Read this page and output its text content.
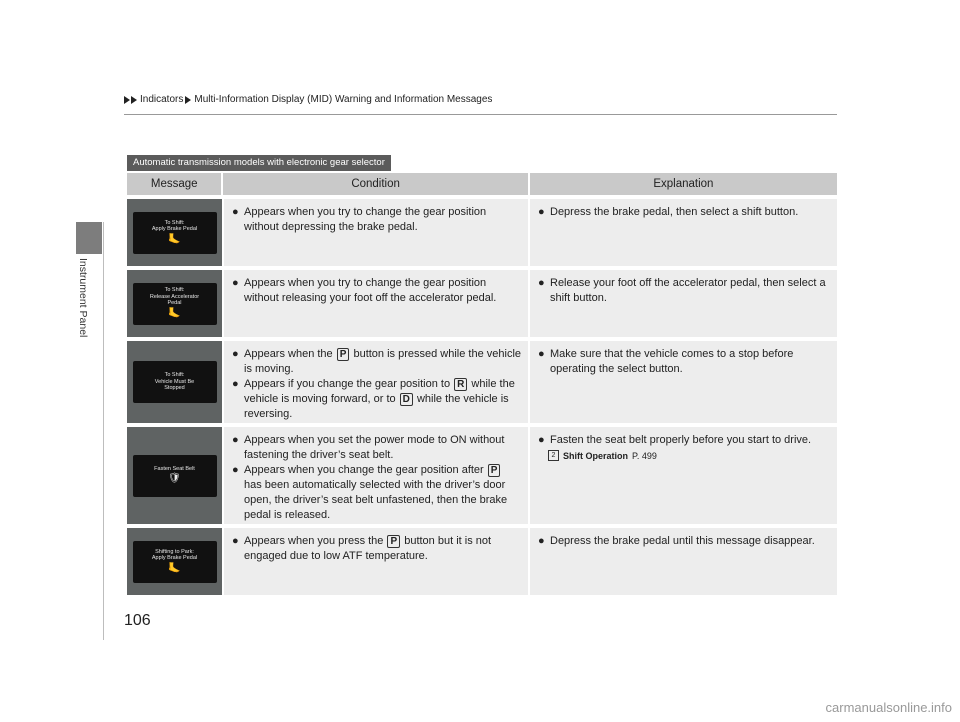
Instrument Panel
Indicators Multi-Information Display (MID) Warning and Information Messages
Automatic transmission models with electronic gear selector
Message	Condition	Explanation
To Shift:
Apply Brake Pedal
🦶
● Appears when you try to change the gear position without depressing the brake pedal.
● Depress the brake pedal, then select a shift button.
To Shift:
Release Accelerator
Pedal
🦶
● Appears when you try to change the gear position without releasing your foot off the accelerator pedal.
● Release your foot off the accelerator pedal, then select a shift button.
To Shift:
Vehicle Must Be
Stopped
● Appears when the P button is pressed while the vehicle is moving.
● Appears if you change the gear position to R while the vehicle is moving forward, or to D while the vehicle is reversing.
● Make sure that the vehicle comes to a stop before operating the select button.
Fasten Seat Belt
🛡
● Appears when you set the power mode to ON without fastening the driver’s seat belt.
● Appears when you change the gear position after P has been automatically selected with the driver’s door open, the driver’s seat belt unfastened, then the brake pedal is released.
● Fasten the seat belt properly before you start to drive.
2 Shift Operation P. 499
Shifting to Park:
Apply Brake Pedal
🦶
● Appears when you press the P button but it is not engaged due to low ATF temperature.
● Depress the brake pedal until this message disappear.
106
carmanualsonline.info
